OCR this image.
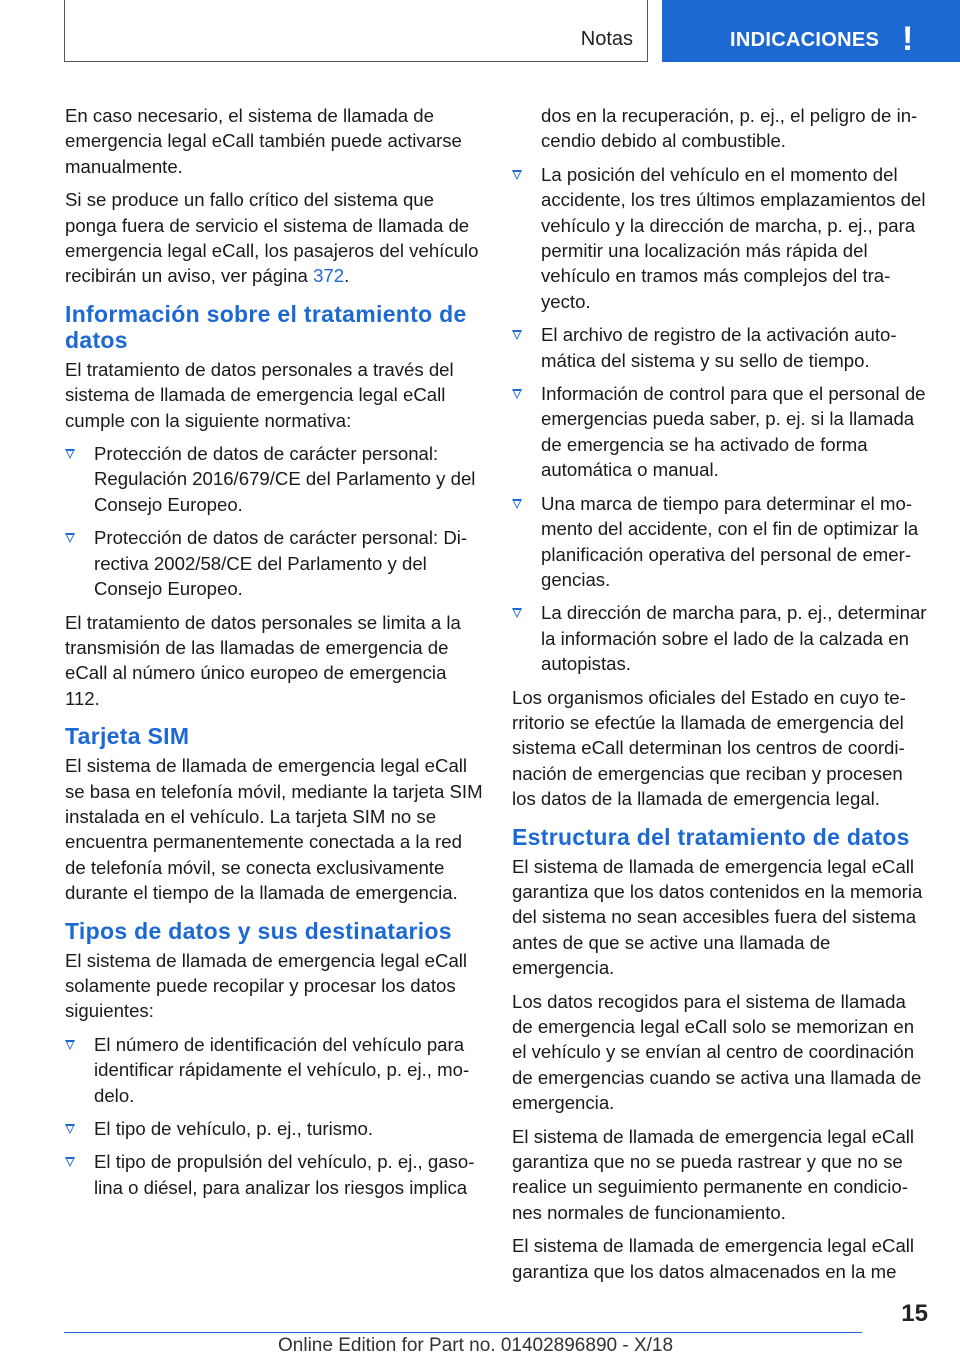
Notas	INDICACIONES !

En caso necesario, el sistema de llamada de emergencia legal eCall también puede activarse manualmente.

Si se produce un fallo crítico del sistema que ponga fuera de servicio el sistema de llamada de emergencia legal eCall, los pasajeros del vehículo recibirán un aviso, ver página 372.

Información sobre el tratamiento de datos

El tratamiento de datos personales a través del sistema de llamada de emergencia legal eCall cumple con la siguiente normativa:

Protección de datos de carácter personal: Regulación 2016/679/CE del Parlamento y del Consejo Europeo.
Protección de datos de carácter personal: Directiva 2002/58/CE del Parlamento y del Consejo Europeo.

El tratamiento de datos personales se limita a la transmisión de las llamadas de emergencia de eCall al número único europeo de emergencia 112.

Tarjeta SIM

El sistema de llamada de emergencia legal eCall se basa en telefonía móvil, mediante la tarjeta SIM instalada en el vehículo. La tarjeta SIM no se encuentra permanentemente conectada a la red de telefonía móvil, se conecta exclusivamente durante el tiempo de la llamada de emergencia.

Tipos de datos y sus destinatarios

El sistema de llamada de emergencia legal eCall solamente puede recopilar y procesar los datos siguientes:

El número de identificación del vehículo para identificar rápidamente el vehículo, p. ej., modelo.
El tipo de vehículo, p. ej., turismo.
El tipo de propulsión del vehículo, p. ej., gasolina o diésel, para analizar los riesgos implica

dos en la recuperación, p. ej., el peligro de incendio debido al combustible.

La posición del vehículo en el momento del accidente, los tres últimos emplazamientos del vehículo y la dirección de marcha, p. ej., para permitir una localización más rápida del vehículo en tramos más complejos del trayecto.
El archivo de registro de la activación automática del sistema y su sello de tiempo.
Información de control para que el personal de emergencias pueda saber, p. ej. si la llamada de emergencia se ha activado de forma automática o manual.
Una marca de tiempo para determinar el momento del accidente, con el fin de optimizar la planificación operativa del personal de emergencias.
La dirección de marcha para, p. ej., determinar la información sobre el lado de la calzada en autopistas.

Los organismos oficiales del Estado en cuyo territorio se efectúe la llamada de emergencia del sistema eCall determinan los centros de coordinación de emergencias que reciban y procesen los datos de la llamada de emergencia legal.

Estructura del tratamiento de datos

El sistema de llamada de emergencia legal eCall garantiza que los datos contenidos en la memoria del sistema no sean accesibles fuera del sistema antes de que se active una llamada de emergencia.

Los datos recogidos para el sistema de llamada de emergencia legal eCall solo se memorizan en el vehículo y se envían al centro de coordinación de emergencias cuando se activa una llamada de emergencia.

El sistema de llamada de emergencia legal eCall garantiza que no se pueda rastrear y que no se realice un seguimiento permanente en condiciones normales de funcionamiento.

El sistema de llamada de emergencia legal eCall garantiza que los datos almacenados en la me

15
Online Edition for Part no. 01402896890 - X/18
